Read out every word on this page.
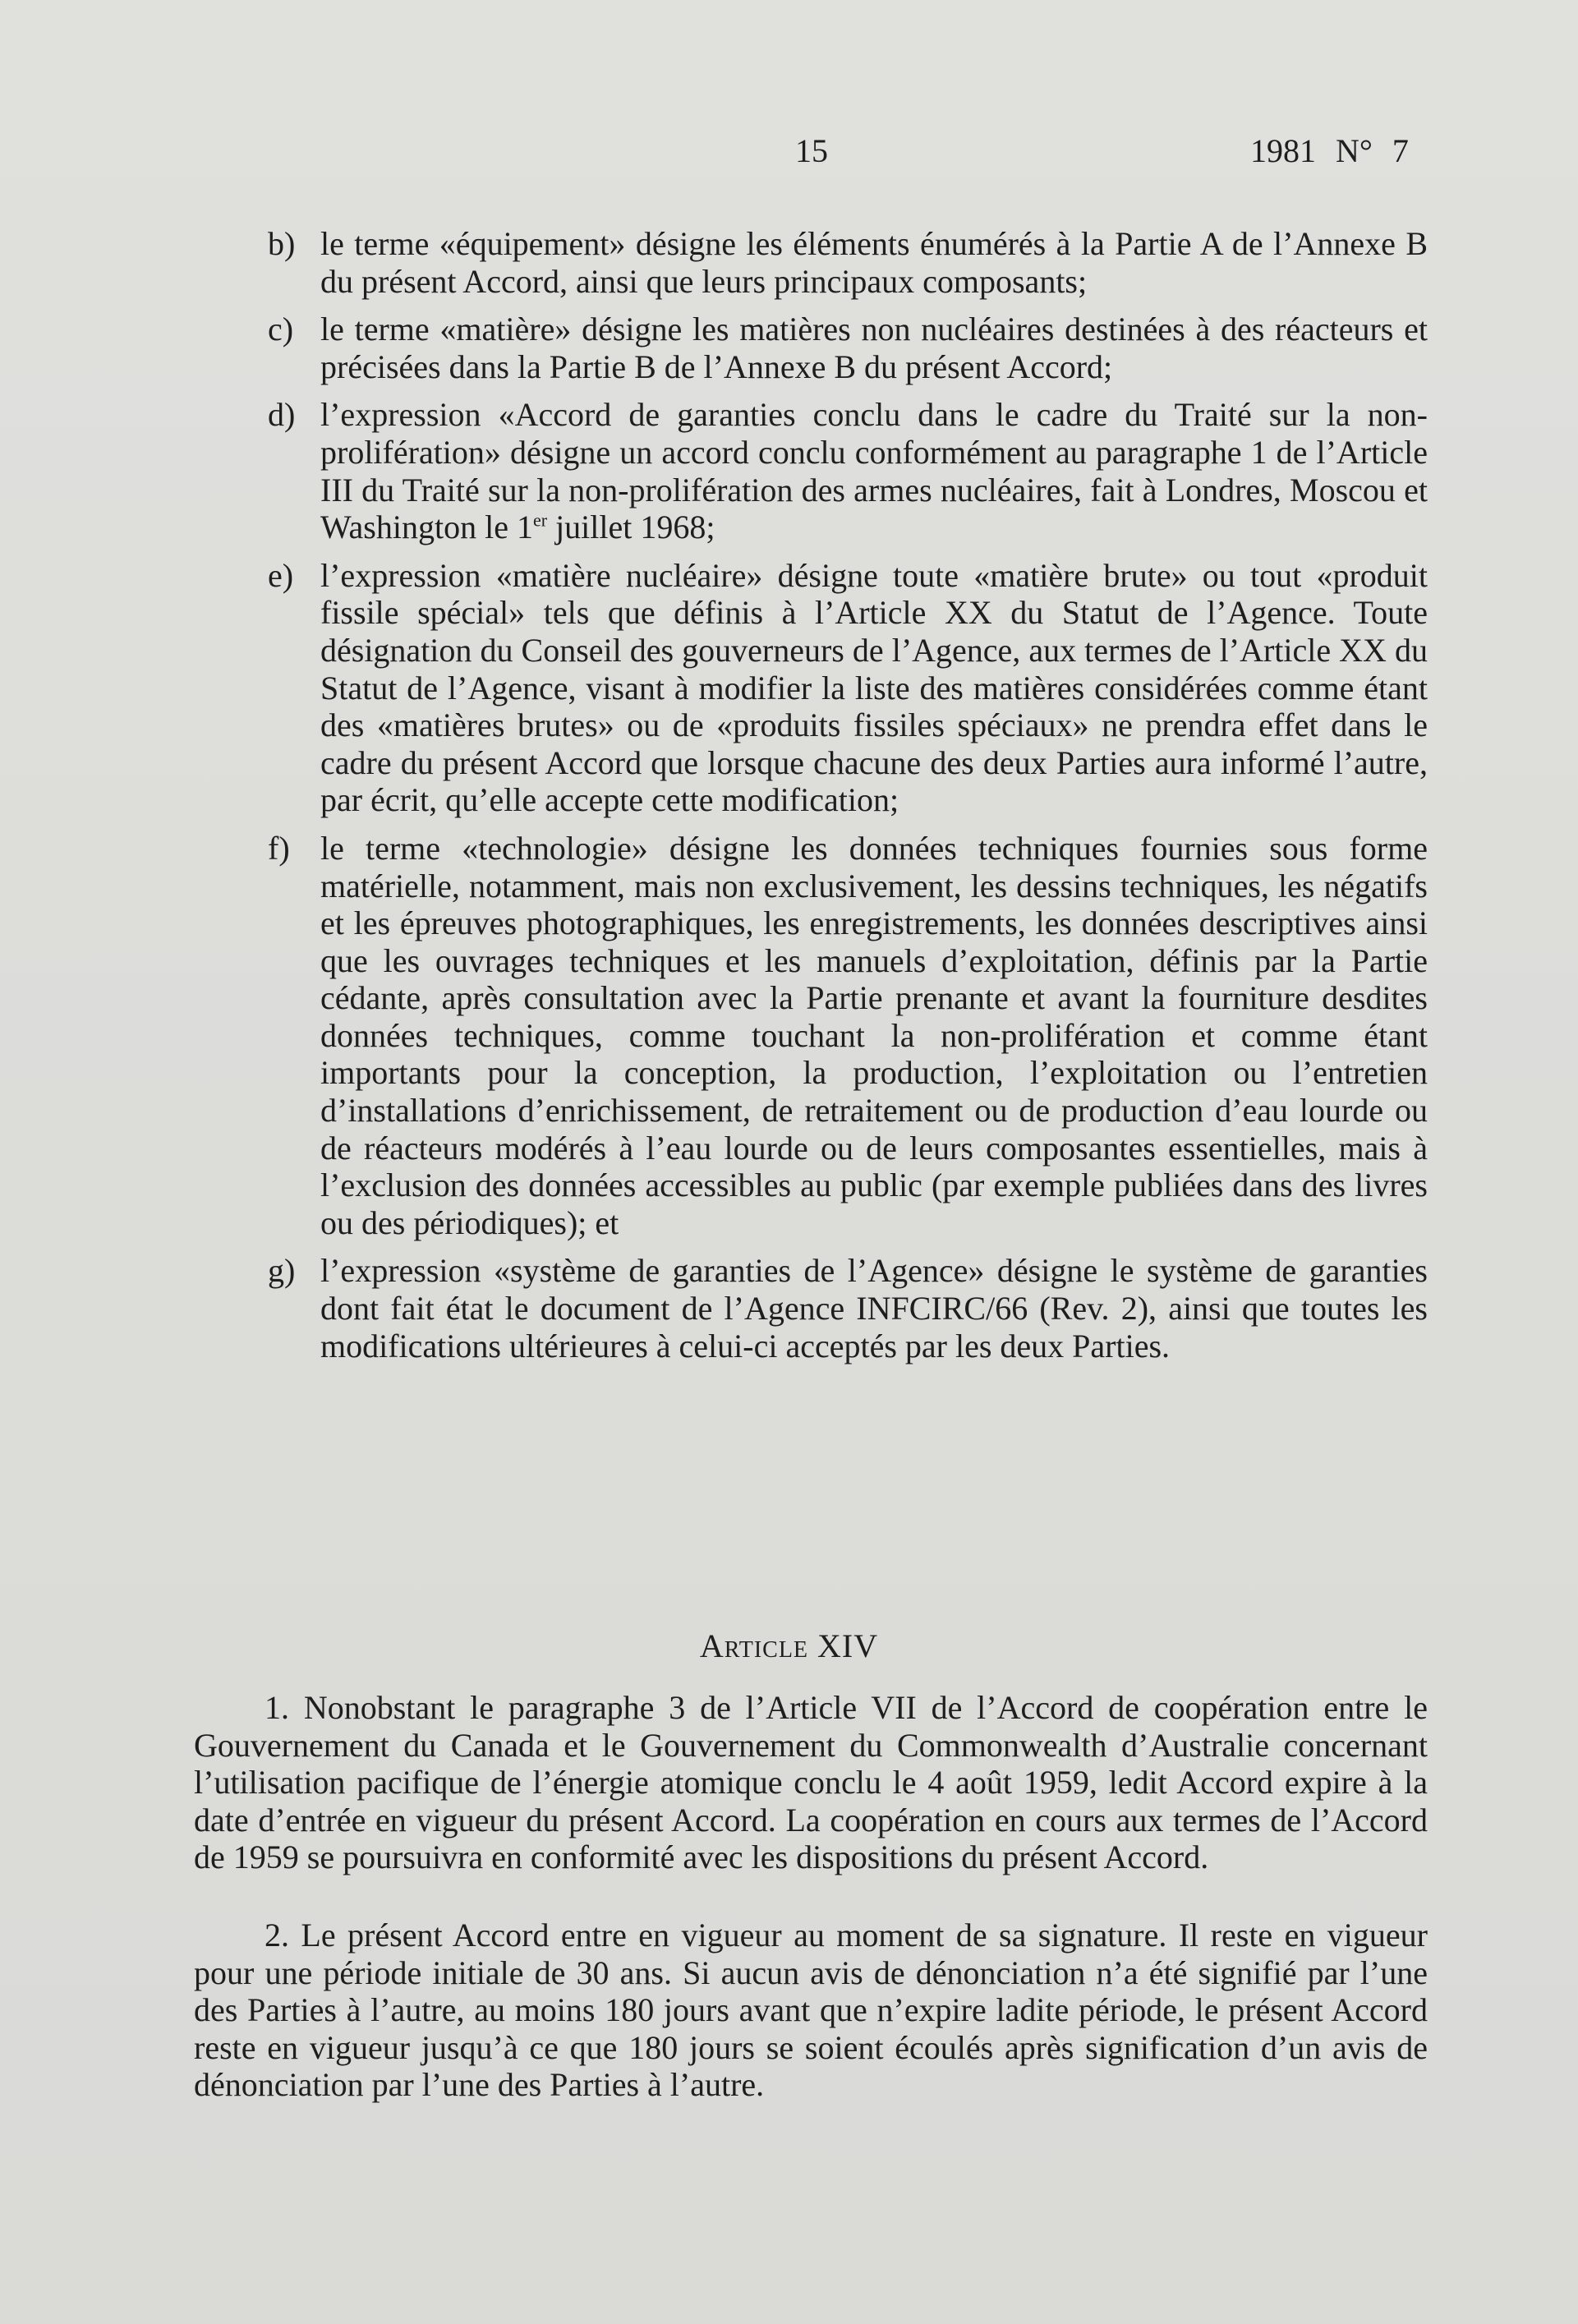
15	1981 N° 7
b) le terme «équipement» désigne les éléments énumérés à la Partie A de l’Annexe B du présent Accord, ainsi que leurs principaux composants;
c) le terme «matière» désigne les matières non nucléaires destinées à des réacteurs et précisées dans la Partie B de l’Annexe B du présent Accord;
d) l’expression «Accord de garanties conclu dans le cadre du Traité sur la non-prolifération» désigne un accord conclu conformément au paragraphe 1 de l’Article III du Traité sur la non-prolifération des armes nucléaires, fait à Londres, Moscou et Washington le 1er juillet 1968;
e) l’expression «matière nucléaire» désigne toute «matière brute» ou tout «produit fissile spécial» tels que définis à l’Article XX du Statut de l’Agence. Toute désignation du Conseil des gouverneurs de l’Agence, aux termes de l’Article XX du Statut de l’Agence, visant à modifier la liste des matières considérées comme étant des «matières brutes» ou de «produits fissiles spéciaux» ne prendra effet dans le cadre du présent Accord que lorsque chacune des deux Parties aura informé l’autre, par écrit, qu’elle accepte cette modification;
f) le terme «technologie» désigne les données techniques fournies sous forme matérielle, notamment, mais non exclusivement, les dessins techniques, les négatifs et les épreuves photographiques, les enregistrements, les données descriptives ainsi que les ouvrages techniques et les manuels d’exploitation, définis par la Partie cédante, après consultation avec la Partie prenante et avant la fourniture desdites données techniques, comme touchant la non-prolifération et comme étant importants pour la conception, la production, l’exploitation ou l’entretien d’installations d’enrichissement, de retraitement ou de production d’eau lourde ou de réacteurs modérés à l’eau lourde ou de leurs composantes essentielles, mais à l’exclusion des données accessibles au public (par exemple publiées dans des livres ou des périodiques); et
g) l’expression «système de garanties de l’Agence» désigne le système de garanties dont fait état le document de l’Agence INFCIRC/66 (Rev. 2), ainsi que toutes les modifications ultérieures à celui-ci acceptés par les deux Parties.
Article XIV

1. Nonobstant le paragraphe 3 de l’Article VII de l’Accord de coopération entre le Gouvernement du Canada et le Gouvernement du Commonwealth d’Australie concernant l’utilisation pacifique de l’énergie atomique conclu le 4 août 1959, ledit Accord expire à la date d’entrée en vigueur du présent Accord. La coopération en cours aux termes de l’Accord de 1959 se poursuivra en conformité avec les dispositions du présent Accord.

2. Le présent Accord entre en vigueur au moment de sa signature. Il reste en vigueur pour une période initiale de 30 ans. Si aucun avis de dénonciation n’a été signifié par l’une des Parties à l’autre, au moins 180 jours avant que n’expire ladite période, le présent Accord reste en vigueur jusqu’à ce que 180 jours se soient écoulés après signification d’un avis de dénonciation par l’une des Parties à l’autre.
